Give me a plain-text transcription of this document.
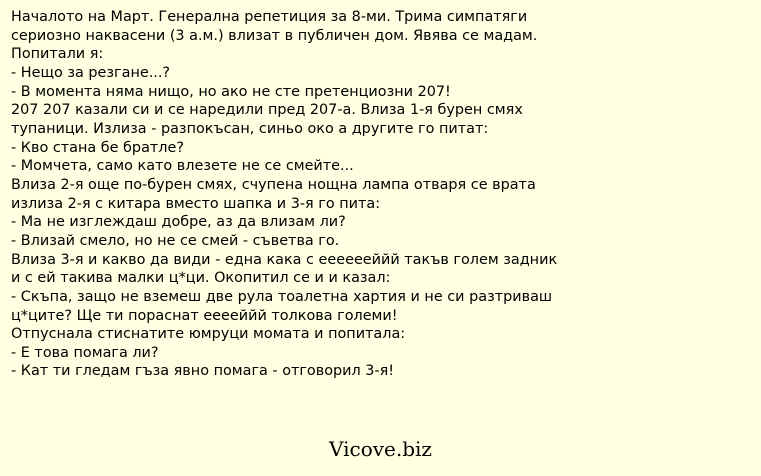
Началото на Март. Генерална репетиция за 8-ми. Трима симпатяги
сериозно наквасени (3 а.м.) влизат в публичен дом. Явява се мадам.
Попитали я:
- Нещо за резгане...?
- В момента няма нищо, но ако не сте претенциозни 207!
207 207 казали си и се наредили пред 207-а. Влиза 1-я бурен смях
тупаници. Излиза - разпокъсан, синьо око а другите го питат:
- Кво стана бе братле?
- Момчета, само като влезете не се смейте...
Влиза 2-я още по-бурен смях, счупена нощна лампа отваря се врата
излиза 2-я с китара вместо шапка и 3-я го пита:
- Ма не изглеждаш добре, аз да влизам ли?
- Влизай смело, но не се смей - съветва го.
Влиза 3-я и какво да види - една кака с ееееееййй такъв голем задник
и с ей такива малки ц*ци. Окопитил се и и казал:
- Скъпа, защо не вземеш две рула тоалетна хартия и не си разтриваш
ц*ците? Ще ти пораснат ееееййй толкова големи!
Отпуснала стиснатите юмруци момата и попитала:
- Е това помага ли?
- Кат ти гледам гъза явно помага - отговорил 3-я!
Vicove.biz
